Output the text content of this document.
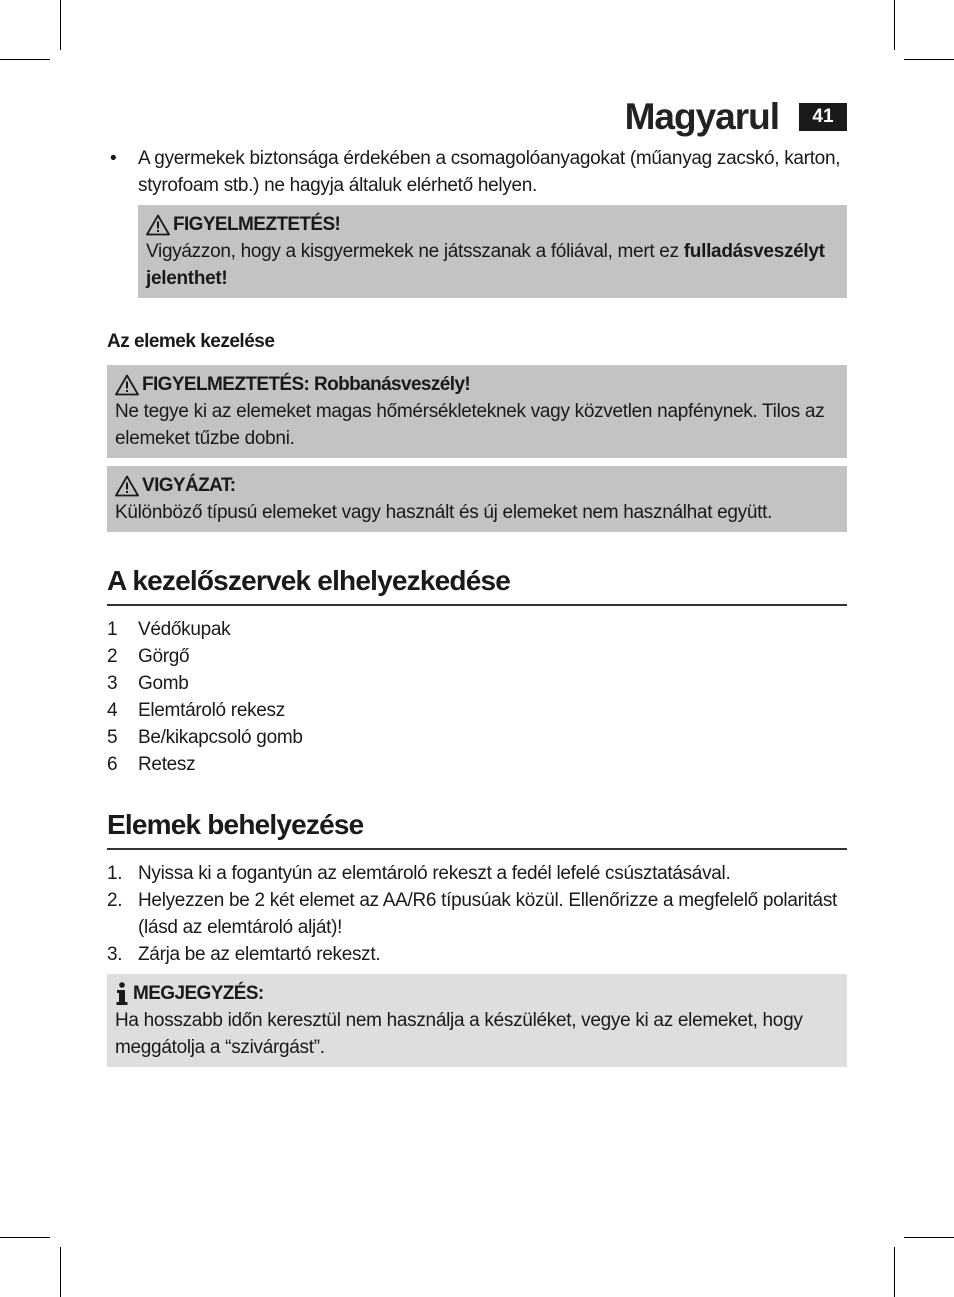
Magyarul	41
•	A gyermekek biztonsága érdekében a csomagolóanyagokat (műanyag zacskó, karton, styrofoam stb.) ne hagyja általuk elérhető helyen.
FIGYELMEZTETÉS!
Vigyázzon, hogy a kisgyermekek ne játsszanak a fóliával, mert ez fulladásveszélyt jelenthet!
Az elemek kezelése
FIGYELMEZTETÉS: Robbanásveszély!
Ne tegye ki az elemeket magas hőmérsékleteknek vagy közvetlen napfénynek. Tilos az elemeket tűzbe dobni.
VIGYÁZAT:
Különböző típusú elemeket vagy használt és új elemeket nem használhat együtt.
A kezelőszervek elhelyezkedése
1	Védőkupak
2	Görgő
3	Gomb
4	Elemtároló rekesz
5	Be/kikapcsoló gomb
6	Retesz
Elemek behelyezése
1. Nyissa ki a fogantyún az elemtároló rekeszt a fedél lefelé csúsztatásával.
2. Helyezzen be 2 két elemet az AA/R6 típusúak közül. Ellenőrizze a megfelelő polaritást (lásd az elemtároló alját)!
3. Zárja be az elemtartó rekeszt.
MEGJEGYZÉS:
Ha hosszabb időn keresztül nem használja a készüléket, vegye ki az elemeket, hogy meggátolja a “szivárgást”.
